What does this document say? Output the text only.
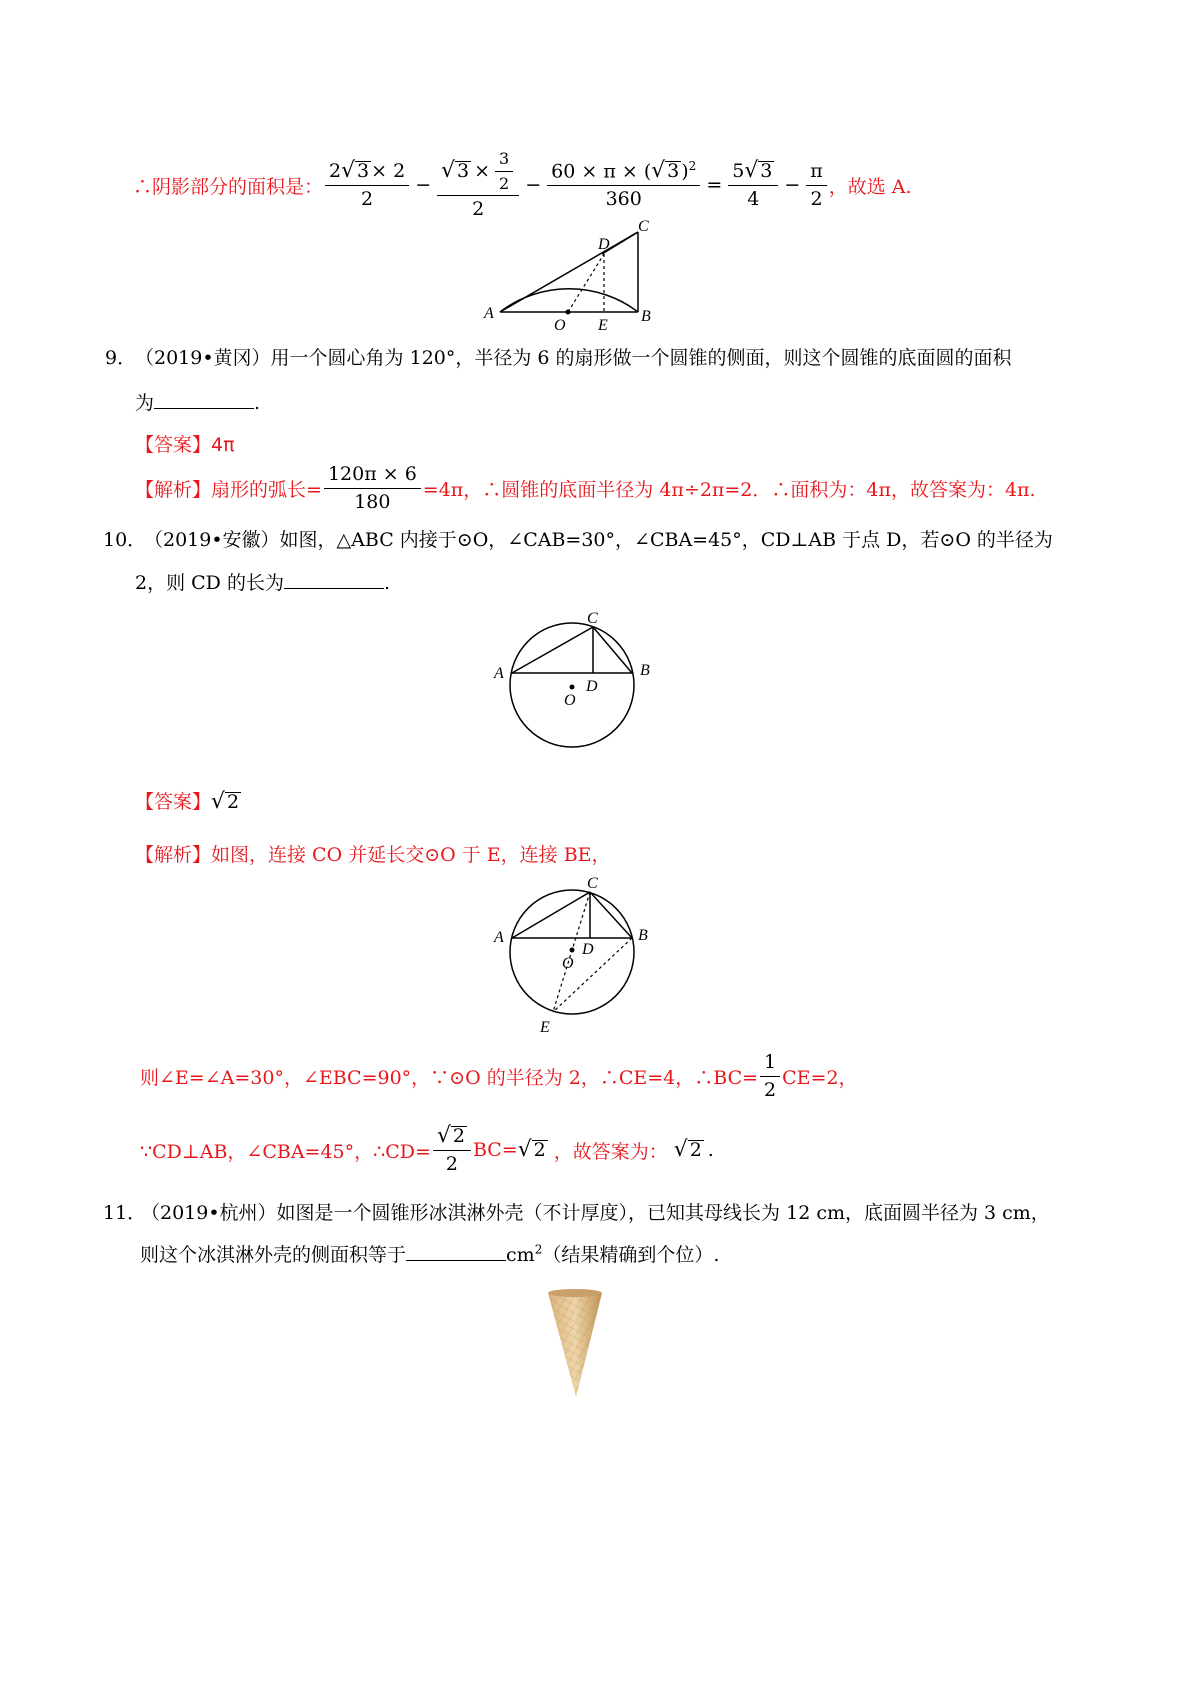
∴阴影部分的面积是： $\frac{2 √ 3 \times 2}{2} - \frac{√ 3 \times \frac{3}{2}}{2} - \frac{60 \times \pi \times ( √ 3 )^2}{360} = \frac{5 √ 3}{4} - \frac{\pi}{2}$ ，故选 A.
A
O E
B
C
D
9．
（2019•黄冈）用一个圆心角为 120°，半径为 6 的扇形做一个圆锥的侧面，则这个圆锥的底面圆的面积
为	.
【答案】4π
【解析】 扇形的弧长= $\frac{120\pi \times 6}{180} =4\pi$，∴圆锥的底面半径为 4π÷2π=2．∴面积为：4π，故答案为：4π.
10．
（2019•安徽）如图，△ABC 内接于⊙O，∠CAB=30°，∠CBA=45°，CD⊥AB 于点 D，若⊙O 的半径为
2，则 CD 的长为	.
A	B
C
D
O
【答案】 √ 2
【解析】如图，连接 CO 并延长交⊙O 于 E，连接 BE，
A	B
C
D
O
E
则∠E=∠A=30°，∠EBC=90°，∵⊙O 的半径为 2，∴CE=4，∴BC= $\frac{1}{2} CE=2$，
∵CD⊥AB，∠CBA=45°，∴CD= $\frac{√ 2}{2} BC=$ √ 2 ，故答案为： √ 2 .
11．
（2019•杭州）如图是一个圆锥形冰淇淋外壳（不计厚度），已知其母线长为 12 cm，底面圆半径为 3 cm，
则这个冰淇淋外壳的侧面积等于	$cm^2$（结果精确到个位）.
